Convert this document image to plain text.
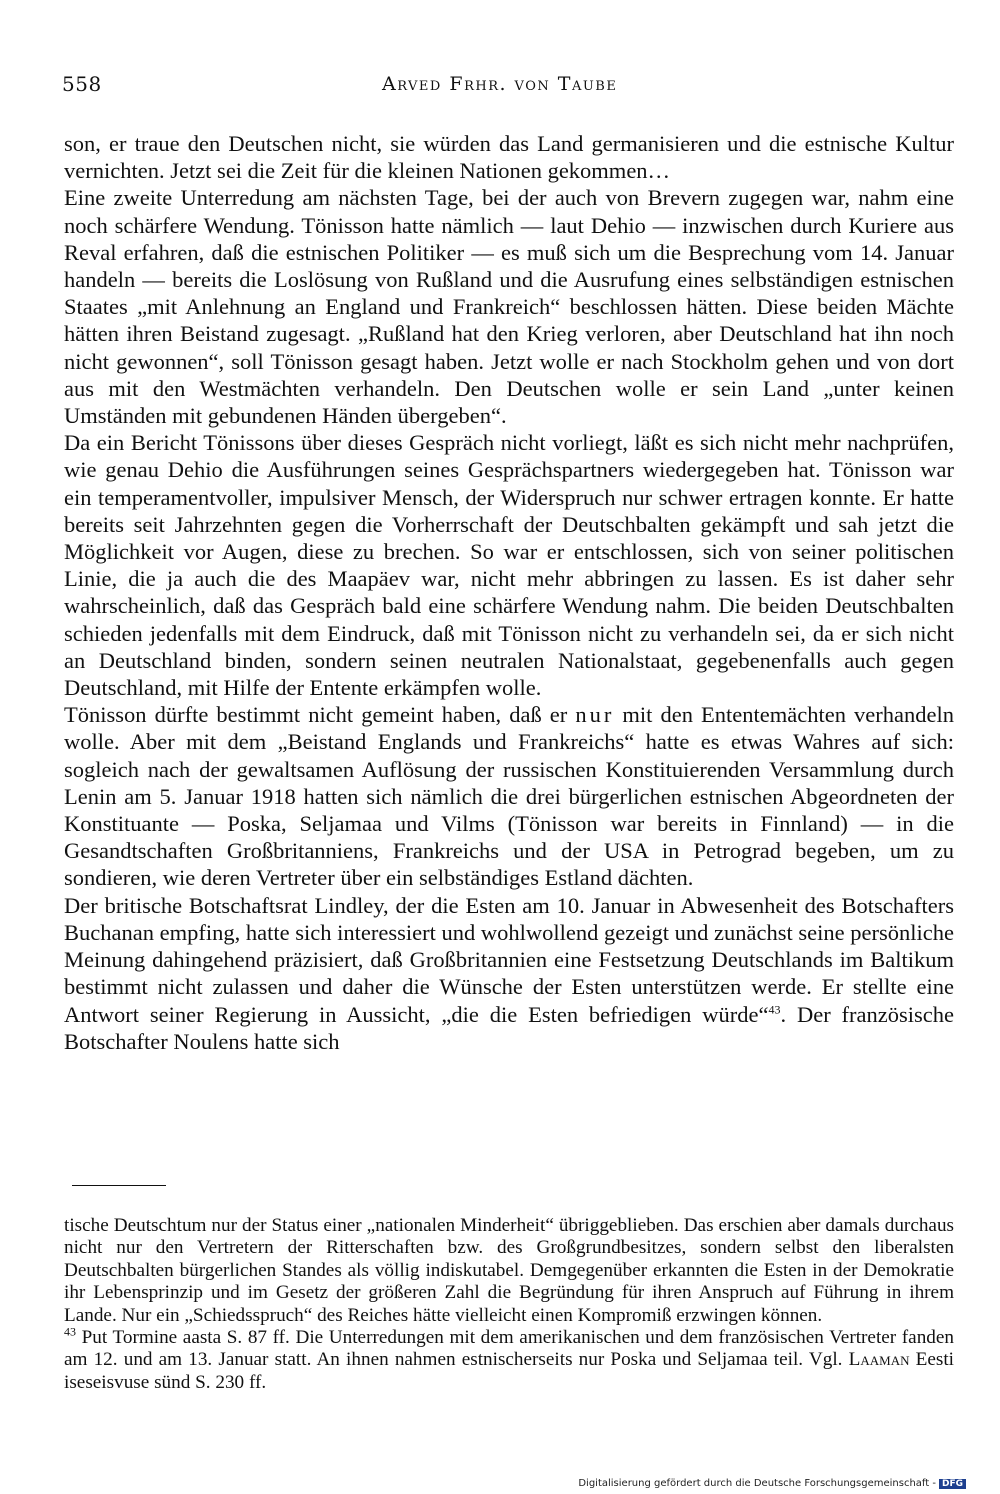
558	Arved Frhr. von Taube

son, er traue den Deutschen nicht, sie würden das Land germanisieren und die estnische Kultur vernichten. Jetzt sei die Zeit für die kleinen Nationen gekommen…

Eine zweite Unterredung am nächsten Tage, bei der auch von Brevern zugegen war, nahm eine noch schärfere Wendung. Tönisson hatte nämlich — laut Dehio — inzwischen durch Kuriere aus Reval erfahren, daß die estnischen Politiker — es muß sich um die Besprechung vom 14. Januar handeln — bereits die Loslösung von Rußland und die Ausrufung eines selbständigen estnischen Staates „mit Anlehnung an England und Frankreich“ beschlossen hätten. Diese beiden Mächte hätten ihren Beistand zugesagt. „Rußland hat den Krieg verloren, aber Deutschland hat ihn noch nicht gewonnen“, soll Tönisson gesagt haben. Jetzt wolle er nach Stockholm gehen und von dort aus mit den Westmächten verhandeln. Den Deutschen wolle er sein Land „unter keinen Umständen mit gebundenen Händen übergeben“.

Da ein Bericht Tönissons über dieses Gespräch nicht vorliegt, läßt es sich nicht mehr nachprüfen, wie genau Dehio die Ausführungen seines Gesprächspartners wiedergegeben hat. Tönisson war ein temperamentvoller, impulsiver Mensch, der Widerspruch nur schwer ertragen konnte. Er hatte bereits seit Jahrzehnten gegen die Vorherrschaft der Deutschbalten gekämpft und sah jetzt die Möglichkeit vor Augen, diese zu brechen. So war er entschlossen, sich von seiner politischen Linie, die ja auch die des Maapäev war, nicht mehr abbringen zu lassen. Es ist daher sehr wahrscheinlich, daß das Gespräch bald eine schärfere Wendung nahm. Die beiden Deutschbalten schieden jedenfalls mit dem Eindruck, daß mit Tönisson nicht zu verhandeln sei, da er sich nicht an Deutschland binden, sondern seinen neutralen Nationalstaat, gegebenenfalls auch gegen Deutschland, mit Hilfe der Entente erkämpfen wolle.

Tönisson dürfte bestimmt nicht gemeint haben, daß er nur mit den Ententemächten verhandeln wolle. Aber mit dem „Beistand Englands und Frankreichs“ hatte es etwas Wahres auf sich: sogleich nach der gewaltsamen Auflösung der russischen Konstituierenden Versammlung durch Lenin am 5. Januar 1918 hatten sich nämlich die drei bürgerlichen estnischen Abgeordneten der Konstituante — Poska, Seljamaa und Vilms (Tönisson war bereits in Finnland) — in die Gesandtschaften Großbritanniens, Frankreichs und der USA in Petrograd begeben, um zu sondieren, wie deren Vertreter über ein selbständiges Estland dächten.

Der britische Botschaftsrat Lindley, der die Esten am 10. Januar in Abwesenheit des Botschafters Buchanan empfing, hatte sich interessiert und wohlwollend gezeigt und zunächst seine persönliche Meinung dahingehend präzisiert, daß Großbritannien eine Festsetzung Deutschlands im Baltikum bestimmt nicht zulassen und daher die Wünsche der Esten unterstützen werde. Er stellte eine Antwort seiner Regierung in Aussicht, „die die Esten befriedigen würde“$^{43}$. Der französische Botschafter Noulens hatte sich

tische Deutschtum nur der Status einer „nationalen Minderheit“ übriggeblieben. Das erschien aber damals durchaus nicht nur den Vertretern der Ritterschaften bzw. des Großgrundbesitzes, sondern selbst den liberalsten Deutschbalten bürgerlichen Standes als völlig indiskutabel. Demgegenüber erkannten die Esten in der Demokratie ihr Lebensprinzip und im Gesetz der größeren Zahl die Begründung für ihren Anspruch auf Führung in ihrem Lande. Nur ein „Schiedsspruch“ des Reiches hätte vielleicht einen Kompromiß erzwingen können.

$^{43}$ Put Tormine aasta S. 87 ff. Die Unterredungen mit dem amerikanischen und dem französischen Vertreter fanden am 12. und am 13. Januar statt. An ihnen nahmen estnischerseits nur Poska und Seljamaa teil. Vgl. Laaman Eesti iseseisvuse sünd S. 230 ff.

Digitalisierung gefördert durch die Deutsche Forschungsgemeinschaft - DFG
